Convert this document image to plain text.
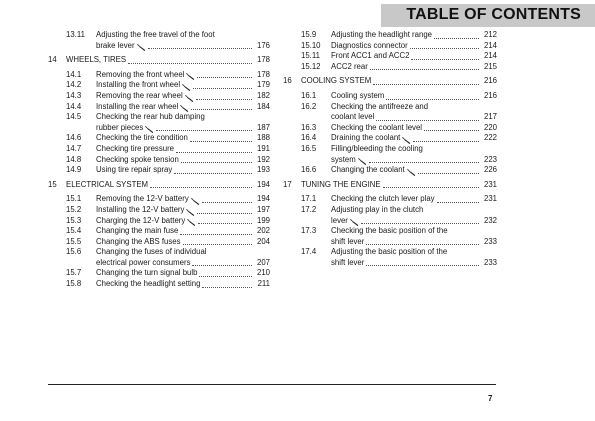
TABLE OF CONTENTS
13.11	Adjusting the free travel of the foot
brake lever	176
14	WHEELS, TIRES	178
14.1	Removing the front wheel	178
14.2	Installing the front wheel	179
14.3	Removing the rear wheel	182
14.4	Installing the rear wheel	184
14.5	Checking the rear hub damping
rubber pieces	187
14.6	Checking the tire condition	188
14.7	Checking tire pressure	191
14.8	Checking spoke tension	192
14.9	Using tire repair spray	193
15	ELECTRICAL SYSTEM	194
15.1	Removing the 12-V battery	194
15.2	Installing the 12-V battery	197
15.3	Charging the 12-V battery	199
15.4	Changing the main fuse	202
15.5	Changing the ABS fuses	204
15.6	Changing the fuses of individual
electrical power consumers	207
15.7	Changing the turn signal bulb	210
15.8	Checking the headlight setting	211
15.9	Adjusting the headlight range	212
15.10	Diagnostics connector	214
15.11	Front ACC1 and ACC2	214
15.12	ACC2 rear	215
16	COOLING SYSTEM	216
16.1	Cooling system	216
16.2	Checking the antifreeze and
coolant level	217
16.3	Checking the coolant level	220
16.4	Draining the coolant	222
16.5	Filling/bleeding the cooling
system	223
16.6	Changing the coolant	226
17	TUNING THE ENGINE	231
17.1	Checking the clutch lever play	231
17.2	Adjusting play in the clutch
lever	232
17.3	Checking the basic position of the
shift lever	233
17.4	Adjusting the basic position of the
shift lever	233
7
